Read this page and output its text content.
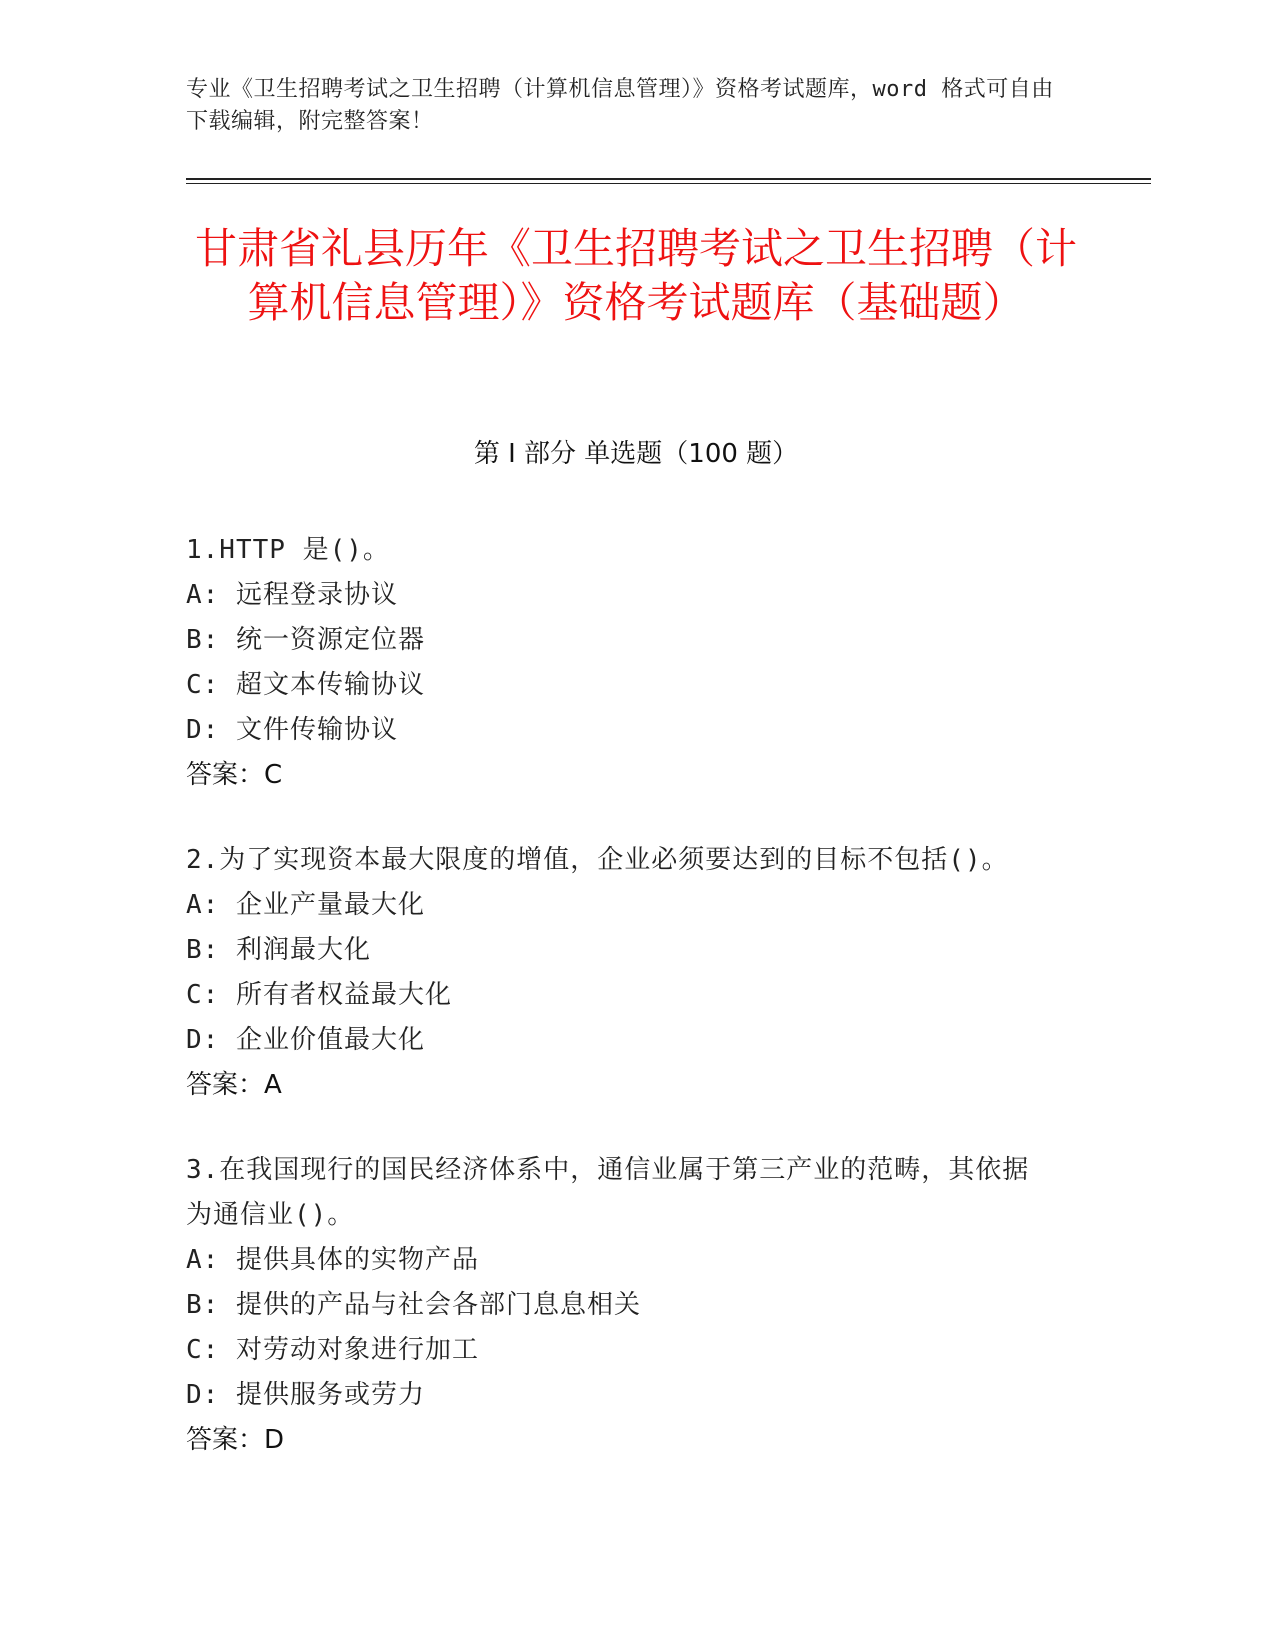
专业《卫生招聘考试之卫生招聘（计算机信息管理）》资格考试题库，word 格式可自由下载编辑，附完整答案！
甘肃省礼县历年《卫生招聘考试之卫生招聘（计算机信息管理）》资格考试题库（基础题）
第 I 部分 单选题（100 题）
1.HTTP 是()。
A: 远程登录协议
B: 统一资源定位器
C: 超文本传输协议
D: 文件传输协议
答案：C
2.为了实现资本最大限度的增值，企业必须要达到的目标不包括()。
A: 企业产量最大化
B: 利润最大化
C: 所有者权益最大化
D: 企业价值最大化
答案：A
3.在我国现行的国民经济体系中，通信业属于第三产业的范畴，其依据为通信业()。
A: 提供具体的实物产品
B: 提供的产品与社会各部门息息相关
C: 对劳动对象进行加工
D: 提供服务或劳力
答案：D
